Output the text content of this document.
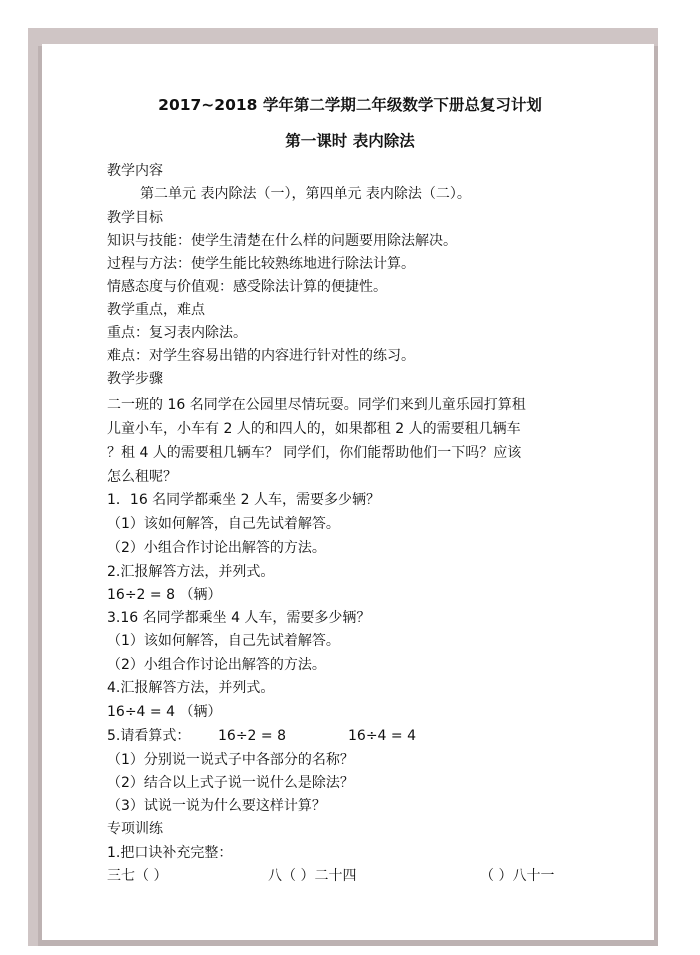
2017~2018 学年第二学期二年级数学下册总复习计划
第一课时 表内除法
教学内容
第二单元 表内除法（一），第四单元 表内除法（二）。
教学目标
知识与技能：使学生清楚在什么样的问题要用除法解决。
过程与方法：使学生能比较熟练地进行除法计算。
情感态度与价值观：感受除法计算的便捷性。
教学重点，难点
重点：复习表内除法。
难点：对学生容易出错的内容进行针对性的练习。
教学步骤
二一班的 16 名同学在公园里尽情玩耍。同学们来到儿童乐园打算租
儿童小车，小车有 2 人的和四人的，如果都租 2 人的需要租几辆车
？租 4 人的需要租几辆车？ 同学们，你们能帮助他们一下吗？应该
怎么租呢？
1．16 名同学都乘坐 2 人车，需要多少辆？
（1）该如何解答，自己先试着解答。
（2）小组合作讨论出解答的方法。
2.汇报解答方法，并列式。
16÷2 = 8 （辆）
3.16 名同学都乘坐 4 人车，需要多少辆？
（1）该如何解答，自己先试着解答。
（2）小组合作讨论出解答的方法。
4.汇报解答方法，并列式。
16÷4 = 4 （辆）
5.请看算式： 16÷2 = 8	16÷4 = 4
（1）分别说一说式子中各部分的名称？
（2）结合以上式子说一说什么是除法？
（3）试说一说为什么要这样计算？
专项训练
1.把口诀补充完整：
三七（ ）	八（ ）二十四	（ ）八十一
